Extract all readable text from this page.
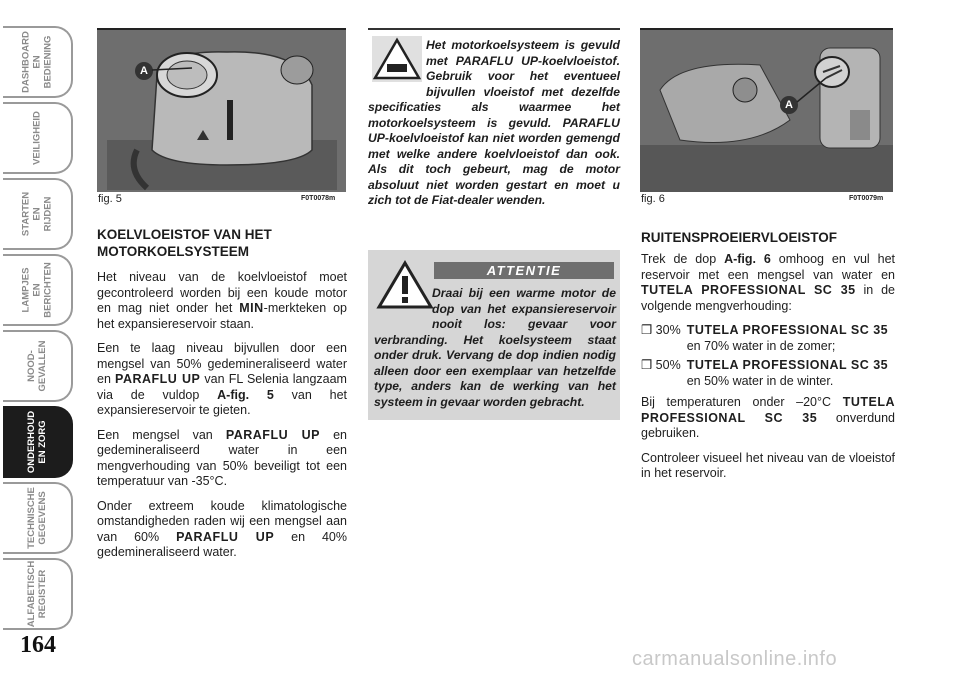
DASHBOARD
EN BEDIENING
VEILIGHEID
STARTEN
EN RIJDEN
LAMPJES EN
BERICHTEN
NOOD-
GEVALLEN
ONDERHOUD
EN ZORG
TECHNISCHE
GEGEVENS
ALFABETISCH
REGISTER
164
A
fig. 5	F0T0078m
KOELVLOEISTOF VAN HET MOTORKOELSYSTEEM

Het niveau van de koelvloeistof moet gecontroleerd worden bij een koude motor en mag niet onder het MIN-merkteken op het expansiereservoir staan.

Een te laag niveau bijvullen door een mengsel van 50% gedemineraliseerd water en PARAFLU UP van FL Selenia langzaam via de vuldop A-fig. 5 van het expansiereservoir te gieten.

Een mengsel van PARAFLU UP en gedemineraliseerd water in een mengverhouding van 50% beveiligt tot een temperatuur van -35°C.

Onder extreem koude klimatologische omstandigheden raden wij een mengsel aan van 60% PARAFLU UP en 40% gedemineraliseerd water.

Het motorkoelsysteem is gevuld met PARAFLU UP-koelvloeistof. Gebruik voor het eventueel bijvullen vloeistof met dezelfde specificaties als waarmee het motorkoelsysteem is gevuld. PARAFLU UP-koelvloeistof kan niet worden gemengd met welke andere koelvloeistof dan ook. Als dit toch gebeurt, mag de motor absoluut niet worden gestart en moet u zich tot de Fiat-dealer wenden.
ATTENTIE
Draai bij een warme motor de dop van het expansiereservoir nooit los: gevaar voor verbranding. Het koelsysteem staat onder druk. Vervang de dop indien nodig alleen door een exemplaar van hetzelfde type, anders kan de werking van het systeem in gevaar worden gebracht.
A
fig. 6	F0T0079m
RUITENSPROEIERVLOEISTOF

Trek de dop A-fig. 6 omhoog en vul het reservoir met een mengsel van water en TUTELA PROFESSIONAL SC 35 in de volgende mengverhouding:

❒ 30% TUTELA PROFESSIONAL SC 35 en 70% water in de zomer;
❒ 50% TUTELA PROFESSIONAL SC 35 en 50% water in de winter.

Bij temperaturen onder –20°C TUTELA PROFESSIONAL SC 35 onverdund gebruiken.

Controleer visueel het niveau van de vloeistof in het reservoir.

carmanualsonline.info
